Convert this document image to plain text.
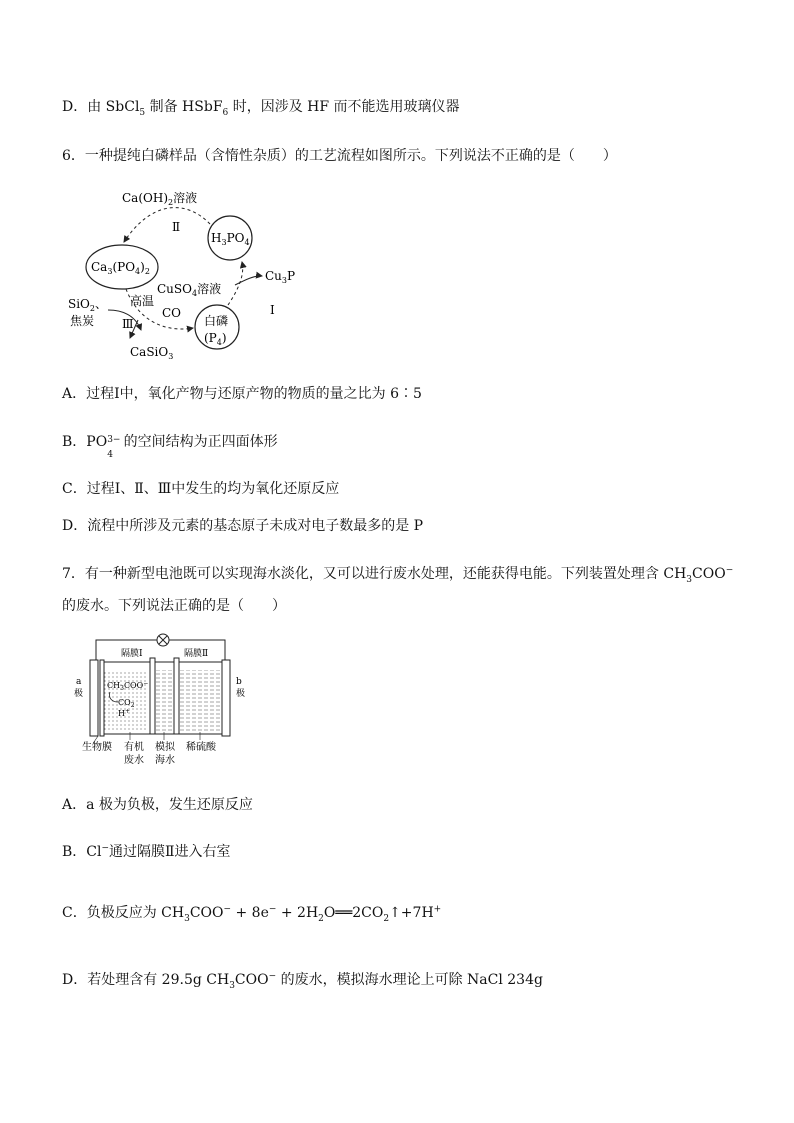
D．由 SbCl$_5$ 制备 HSbF$_6$ 时，因涉及 HF 而不能选用玻璃仪器
6．一种提纯白磷样品（含惰性杂质）的工艺流程如图所示。下列说法不正确的是（　　）
$Ca(OH)_2$溶液
Ⅱ
$H_3PO_4$
$Ca_3(PO_4)_2$
CuSO$_4$溶液
$Cu_3P$
SiO$_2$、
焦炭
高温
CO
Ⅲ	白磷
$(P_4)$
Ⅰ
CaSiO$_3$
A．过程Ⅰ中，氧化产物与还原产物的物质的量之比为 6∶5
B．PO 3−
4
的空间结构为正四面体形
C．过程Ⅰ、Ⅱ、Ⅲ中发生的均为氧化还原反应
D．流程中所涉及元素的基态原子未成对电子数最多的是 P
7．有一种新型电池既可以实现海水淡化，又可以进行废水处理，还能获得电能。下列装置处理含 $CH_3COO^-$
的废水。下列说法正确的是（　　）
隔膜Ⅰ	隔膜Ⅱ
a
极
b
极
$CH_3COO^-$
$CO_2$
H+
生物膜 有机
废水
模拟
海水
稀硫酸
A．a 极为负极，发生还原反应
B．Cl−通过隔膜Ⅱ进入右室
C．负极反应为 $CH_3COO^- + 8e^-$ + $2H_2O══2CO_2↑+7H^+$
D．若处理含有 29.5g $CH_3COO^-$ 的废水，模拟海水理论上可除 NaCl 234g
